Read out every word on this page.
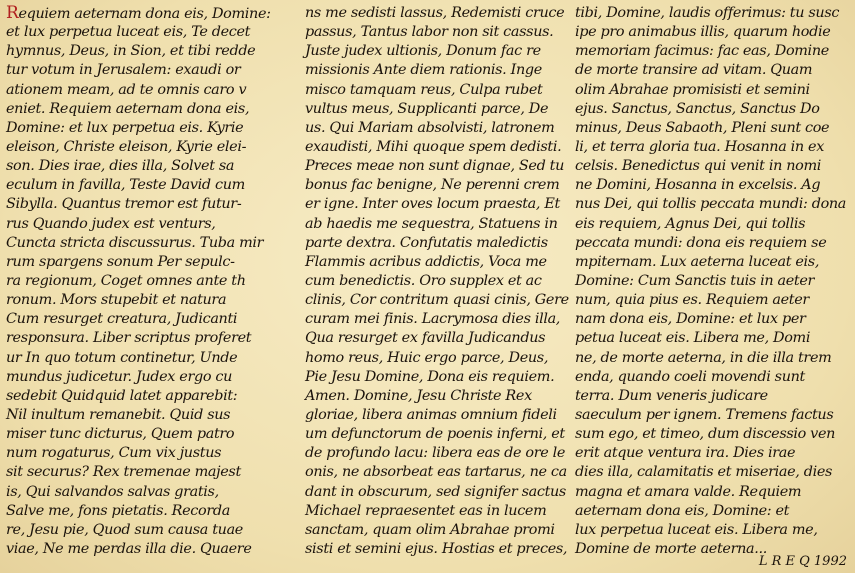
Requiem aeternam dona eis, Domine:
et lux perpetua luceat eis, Te decet
hymnus, Deus, in Sion, et tibi redde
tur votum in Jerusalem: exaudi or
ationem meam, ad te omnis caro v
eniet. Requiem aeternam dona eis,
Domine: et lux perpetua eis. Kyrie
eleison, Christe eleison, Kyrie elei-
son. Dies irae, dies illa, Solvet sa
eculum in favilla, Teste David cum
Sibylla. Quantus tremor est futur-
rus Quando judex est venturs,
Cuncta stricta discussurus. Tuba mir
rum spargens sonum Per sepulc-
ra regionum, Coget omnes ante th
ronum. Mors stupebit et natura
Cum resurget creatura, Judicanti
responsura. Liber scriptus proferet
ur In quo totum continetur, Unde
mundus judicetur. Judex ergo cu
sedebit Quidquid latet apparebit:
Nil inultum remanebit. Quid sus
miser tunc dicturus, Quem patro
num rogaturus, Cum vix justus
sit securus? Rex tremenae majest
is, Qui salvandos salvas gratis,
Salve me, fons pietatis. Recorda
re, Jesu pie, Quod sum causa tuae
viae, Ne me perdas illa die. Quaere
ns me sedisti lassus, Redemisti cruce
passus, Tantus labor non sit cassus.
Juste judex ultionis, Donum fac re
missionis Ante diem rationis. Inge
misco tamquam reus, Culpa rubet
vultus meus, Supplicanti parce, De
us. Qui Mariam absolvisti, latronem
exaudisti, Mihi quoque spem dedisti.
Preces meae non sunt dignae, Sed tu
bonus fac benigne, Ne perenni crem
er igne. Inter oves locum praesta, Et
ab haedis me sequestra, Statuens in
parte dextra. Confutatis maledictis
Flammis acribus addictis, Voca me
cum benedictis. Oro supplex et ac
clinis, Cor contritum quasi cinis, Gere
curam mei finis. Lacrymosa dies illa,
Qua resurget ex favilla Judicandus
homo reus, Huic ergo parce, Deus,
Pie Jesu Domine, Dona eis requiem.
Amen. Domine, Jesu Christe Rex
gloriae, libera animas omnium fideli
um defunctorum de poenis inferni, et
de profundo lacu: libera eas de ore le
onis, ne absorbeat eas tartarus, ne ca
dant in obscurum, sed signifer sactus
Michael repraesentet eas in lucem
sanctam, quam olim Abrahae promi
sisti et semini ejus. Hostias et preces,
tibi, Domine, laudis offerimus: tu susc
ipe pro animabus illis, quarum hodie
memoriam facimus: fac eas, Domine
de morte transire ad vitam. Quam
olim Abrahae promisisti et semini
ejus. Sanctus, Sanctus, Sanctus Do
minus, Deus Sabaoth, Pleni sunt coe
li, et terra gloria tua. Hosanna in ex
celsis. Benedictus qui venit in nomi
ne Domini, Hosanna in excelsis. Ag
nus Dei, qui tollis peccata mundi: dona
eis requiem, Agnus Dei, qui tollis
peccata mundi: dona eis requiem se
mpiternam. Lux aeterna luceat eis,
Domine: Cum Sanctis tuis in aeter
num, quia pius es. Requiem aeter
nam dona eis, Domine: et lux per
petua luceat eis. Libera me, Domi
ne, de morte aeterna, in die illa trem
enda, quando coeli movendi sunt
terra. Dum veneris judicare
saeculum per ignem. Tremens factus
sum ego, et timeo, dum discessio ven
erit atque ventura ira. Dies irae
dies illa, calamitatis et miseriae, dies
magna et amara valde. Requiem
aeternam dona eis, Domine: et
lux perpetua luceat eis. Libera me,
Domine de morte aeterna...
L R E Q 1992
